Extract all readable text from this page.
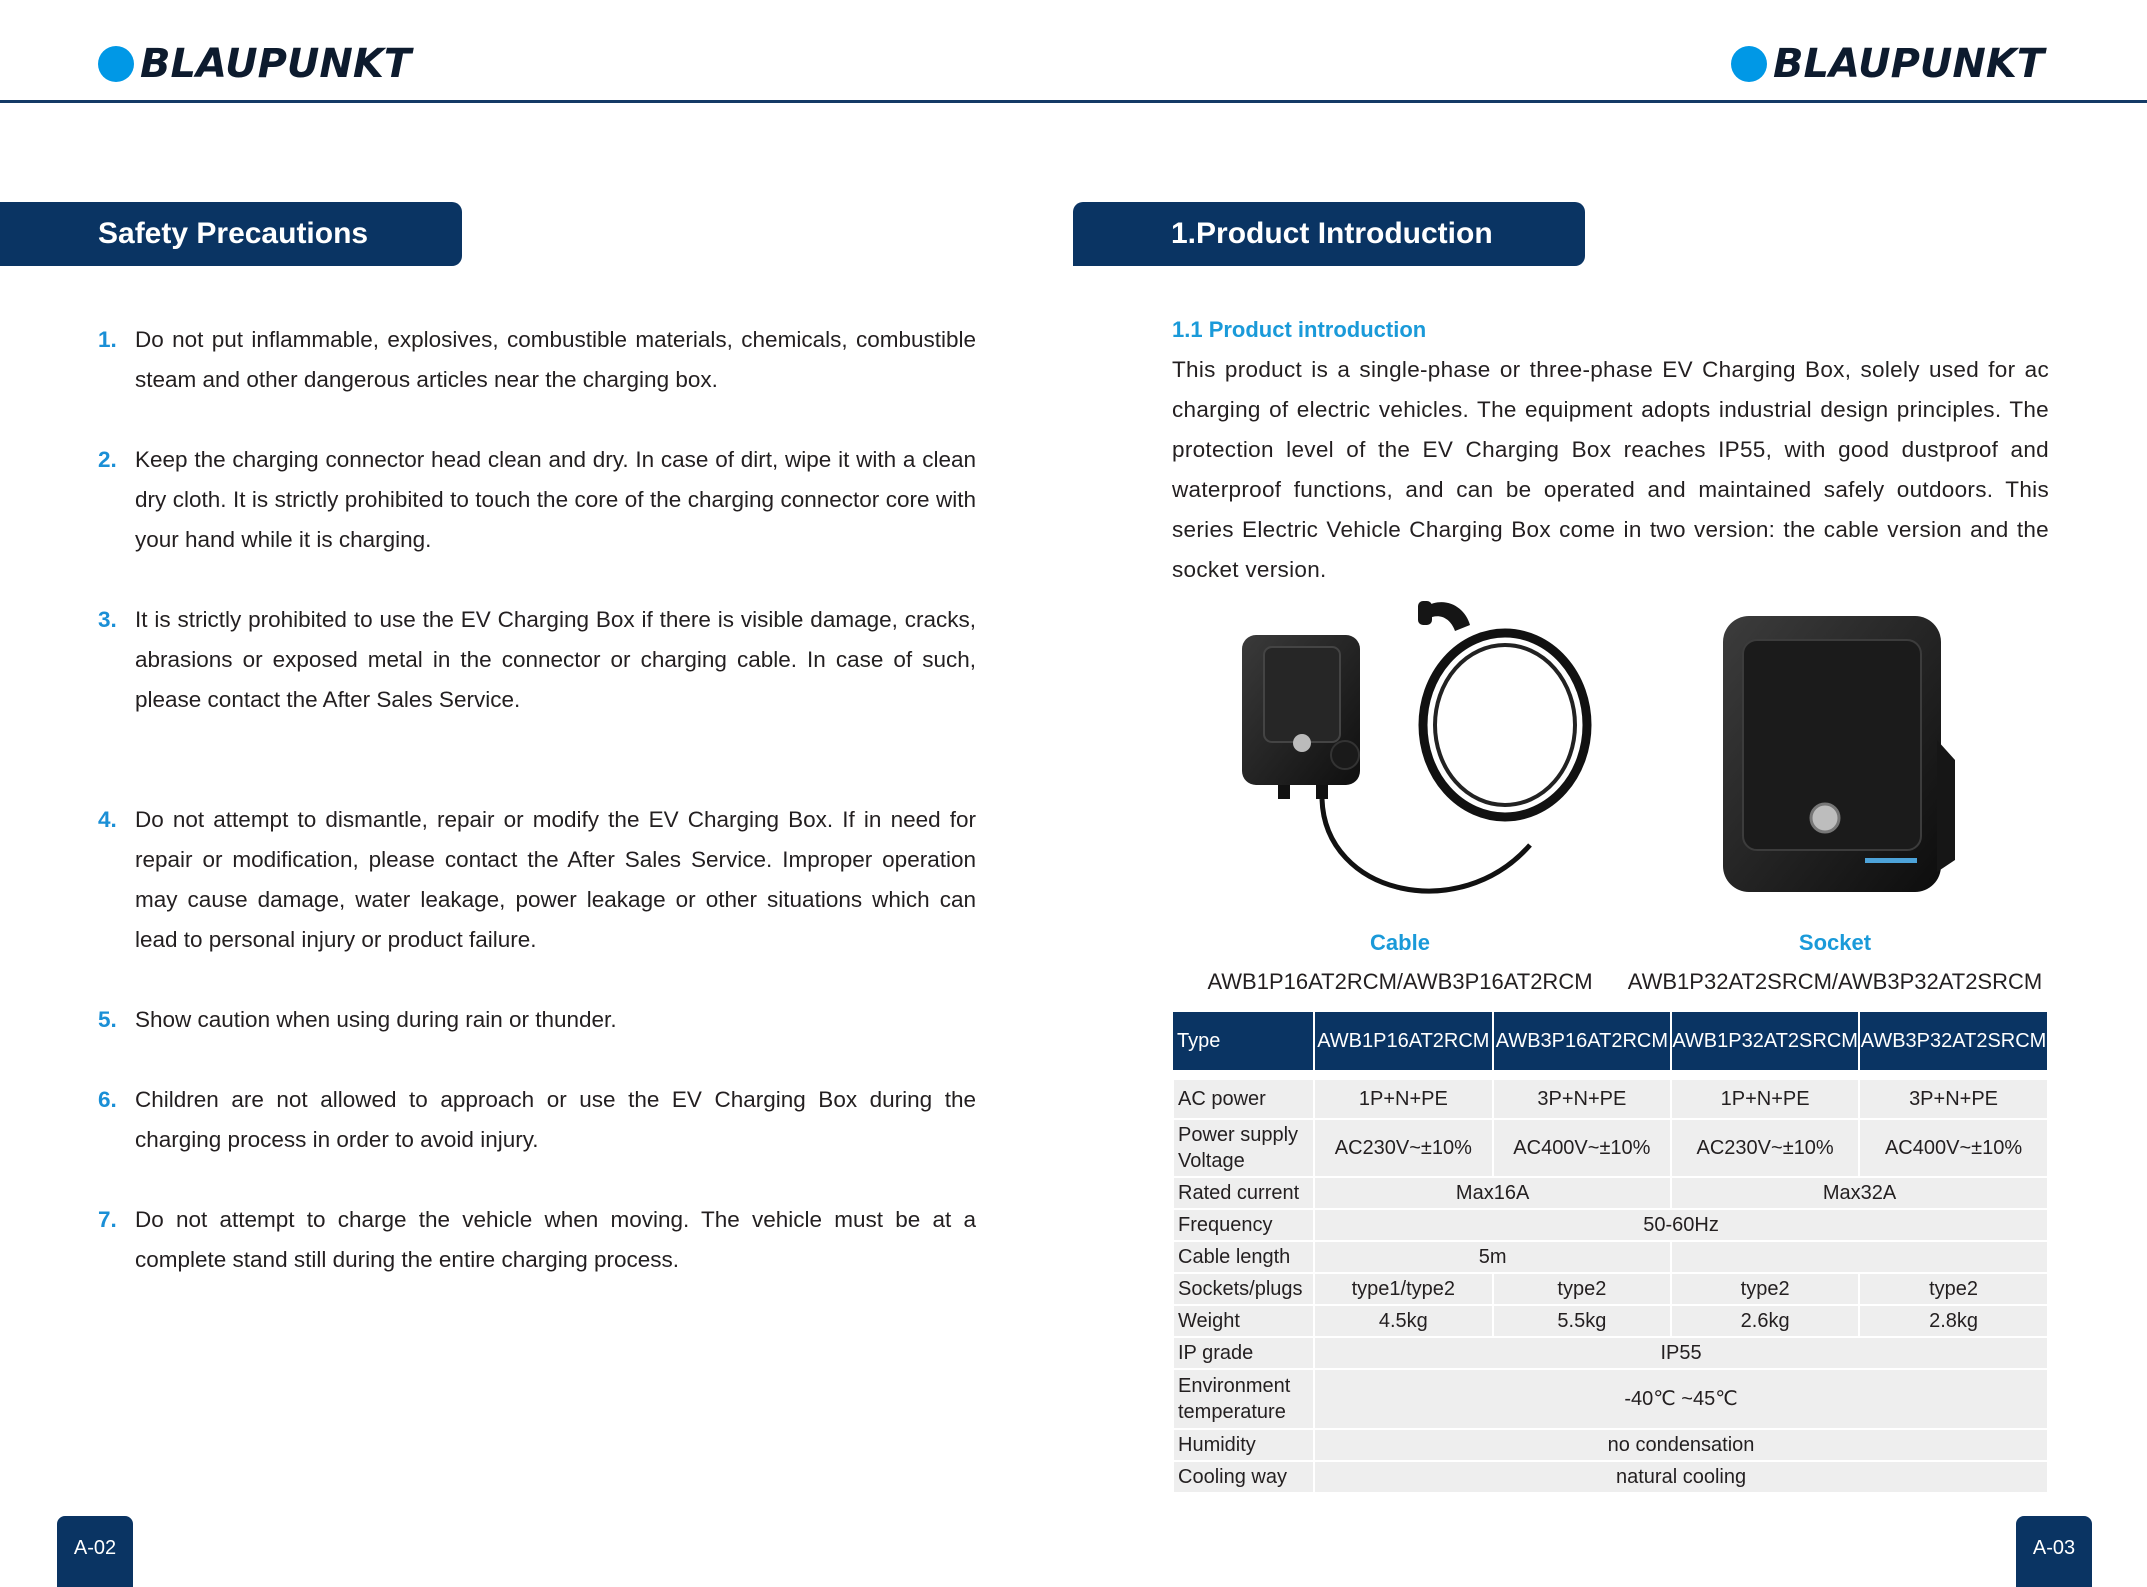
BLAUPUNKT	BLAUPUNKT
Safety Precautions
1. Do not put inflammable, explosives, combustible materials, chemicals, combustible steam and other dangerous articles near the charging box.
2. Keep the charging connector head clean and dry. In case of dirt, wipe it with a clean dry cloth. It is strictly prohibited to touch the core of the charging connector core with your hand while it is charging.
3. It is strictly prohibited to use the EV Charging Box if there is visible damage, cracks, abrasions or exposed metal in the connector or charging cable. In case of such, please contact the After Sales Service.
4. Do not attempt to dismantle, repair or modify the EV Charging Box. If in need for repair or modification, please contact the After Sales Service. Improper operation may cause damage, water leakage, power leakage or other situations which can lead to personal injury or product failure.
5. Show caution when using during rain or thunder.
6. Children are not allowed to approach or use the EV Charging Box during the charging process in order to avoid injury.
7. Do not attempt to charge the vehicle when moving. The vehicle must be at a complete stand still during the entire charging process.
A-02
1.Product Introduction
1.1 Product introduction
This product is a single-phase or three-phase EV Charging Box, solely used for ac charging of electric vehicles. The equipment adopts industrial design principles. The protection level of the EV Charging Box reaches IP55, with good dustproof and waterproof functions, and can be operated and maintained safely outdoors. This series Electric Vehicle Charging Box come in two version: the cable version and the socket version.
Cable
AWB1P16AT2RCM/AWB3P16AT2RCM
Socket
AWB1P32AT2SRCM/AWB3P32AT2SRCM
Type	AWB1P16AT2RCM	AWB3P16AT2RCM	AWB1P32AT2SRCM	AWB3P32AT2SRCM

AC power	1P+N+PE	3P+N+PE	1P+N+PE	3P+N+PE
Power supply Voltage	AC230V~±10%	AC400V~±10%	AC230V~±10%	AC400V~±10%
Rated current	Max16A		Max32A	
Frequency	50-60Hz			
Cable length	5m			
Sockets/plugs	type1/type2	type2	type2	type2
Weight	4.5kg	5.5kg	2.6kg	2.8kg
IP grade	IP55			
Environment temperature	-40℃ ~45℃			
Humidity	no condensation			
Cooling way	natural cooling			
A-03
